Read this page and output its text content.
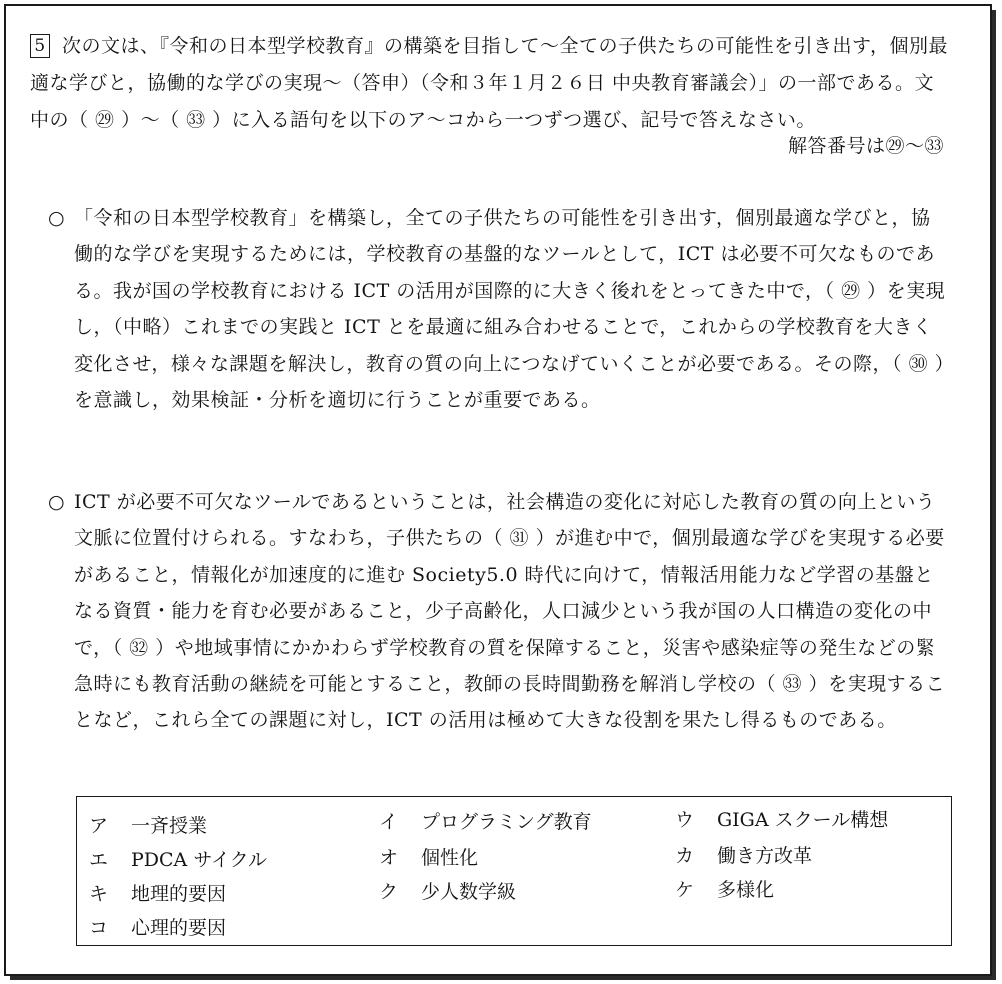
5 次の文は、『令和の日本型学校教育』の構築を目指して～全ての子供たちの可能性を引き出す，個別最適な学びと，協働的な学びの実現～（答申）（令和３年１月２６日 中央教育審議会）」の一部である。文中の（ ㉙ ）～（ ㉝ ）に入る語句を以下のア～コから一つずつ選び、記号で答えなさい。
解答番号は㉙～㉝
○ 「令和の日本型学校教育」を構築し，全ての子供たちの可能性を引き出す，個別最適な学びと，協働的な学びを実現するためには，学校教育の基盤的なツールとして，ICT は必要不可欠なものである。我が国の学校教育における ICT の活用が国際的に大きく後れをとってきた中で，（ ㉙ ）を実現し，（中略）これまでの実践と ICT とを最適に組み合わせることで，これからの学校教育を大きく変化させ，様々な課題を解決し，教育の質の向上につなげていくことが必要である。その際，（ ㉚ ）を意識し，効果検証・分析を適切に行うことが重要である。
○ ICT が必要不可欠なツールであるということは，社会構造の変化に対応した教育の質の向上という文脈に位置付けられる。すなわち，子供たちの（ ㉛ ）が進む中で，個別最適な学びを実現する必要があること，情報化が加速度的に進む Society5.0 時代に向けて，情報活用能力など学習の基盤となる資質・能力を育む必要があること，少子高齢化，人口減少という我が国の人口構造の変化の中で，（ ㉜ ）や地域事情にかかわらず学校教育の質を保障すること，災害や感染症等の発生などの緊急時にも教育活動の継続を可能とすること，教師の長時間勤務を解消し学校の（ ㉝ ）を実現することなど，これら全ての課題に対し，ICT の活用は極めて大きな役割を果たし得るものである。
ア 一斉授業	イ プログラミング教育	ウ GIGA スクール構想
エ PDCA サイクル	オ 個性化	カ 働き方改革
キ 地理的要因	ク 少人数学級	ケ 多様化
コ 心理的要因
